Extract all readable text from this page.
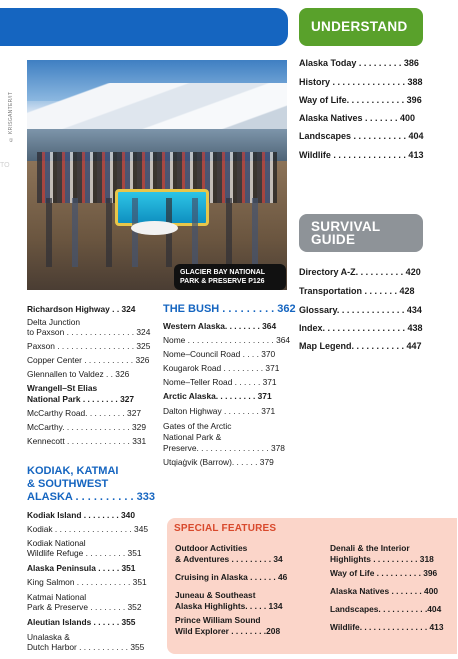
© KRISGANTER/IT
TO
GLACIER BAY NATIONAL
PARK & PRESERVE P126
Richardson Highway . . 324
Delta Junction
to Paxson . . . . . . . . . . . . . . . 324
Paxson . . . . . . . . . . . . . . . . . 325
Copper Center . . . . . . . . . . . 326
Glennallen to Valdez . . 326
Wrangell–St Elias
National Park . . . . . . . . 327
McCarthy Road. . . . . . . . . 327
McCarthy. . . . . . . . . . . . . . . 329
Kennecott . . . . . . . . . . . . . . 331
KODIAK, KATMAI
& SOUTHWEST
ALASKA . . . . . . . . . . 333
Kodiak Island . . . . . . . . 340
Kodiak . . . . . . . . . . . . . . . . . 345
Kodiak National
Wildlife Refuge . . . . . . . . . 351
Alaska Peninsula . . . . . 351
King Salmon . . . . . . . . . . . . 351
Katmai National
Park & Preserve . . . . . . . . 352
Aleutian Islands . . . . . . 355
Unalaska &
Dutch Harbor . . . . . . . . . . . 355
THE BUSH . . . . . . . . . 362
Western Alaska. . . . . . . . 364
Nome . . . . . . . . . . . . . . . . . . . 364
Nome–Council Road . . . . 370
Kougarok Road . . . . . . . . . 371
Nome–Teller Road . . . . . . 371
Arctic Alaska. . . . . . . . . 371
Dalton Highway . . . . . . . . 371
Gates of the Arctic
National Park &
Preserve. . . . . . . . . . . . . . . . 378
Utqiaġvik (Barrow). . . . . . 379
UNDERSTAND
Alaska Today . . . . . . . . . 386
History . . . . . . . . . . . . . . . 388
Way of Life. . . . . . . . . . . . 396
Alaska Natives . . . . . . . 400
Landscapes . . . . . . . . . . . 404
Wildlife . . . . . . . . . . . . . . . 413
SURVIVAL
GUIDE
Directory A-Z. . . . . . . . . . 420
Transportation . . . . . . . 428
Glossary. . . . . . . . . . . . . . 434
Index. . . . . . . . . . . . . . . . . 438
Map Legend. . . . . . . . . . . 447
SPECIAL FEATURES
Outdoor Activities
& Adventures . . . . . . . . . 34
Cruising in Alaska . . . . . . 46
Juneau & Southeast
Alaska Highlights. . . . . 134
Prince William Sound
Wild Explorer . . . . . . . .208
Denali & the Interior
Highlights . . . . . . . . . . 318
Way of Life . . . . . . . . . . 396
Alaska Natives . . . . . . . 400
Landscapes. . . . . . . . . . .404
Wildlife. . . . . . . . . . . . . . . 413
